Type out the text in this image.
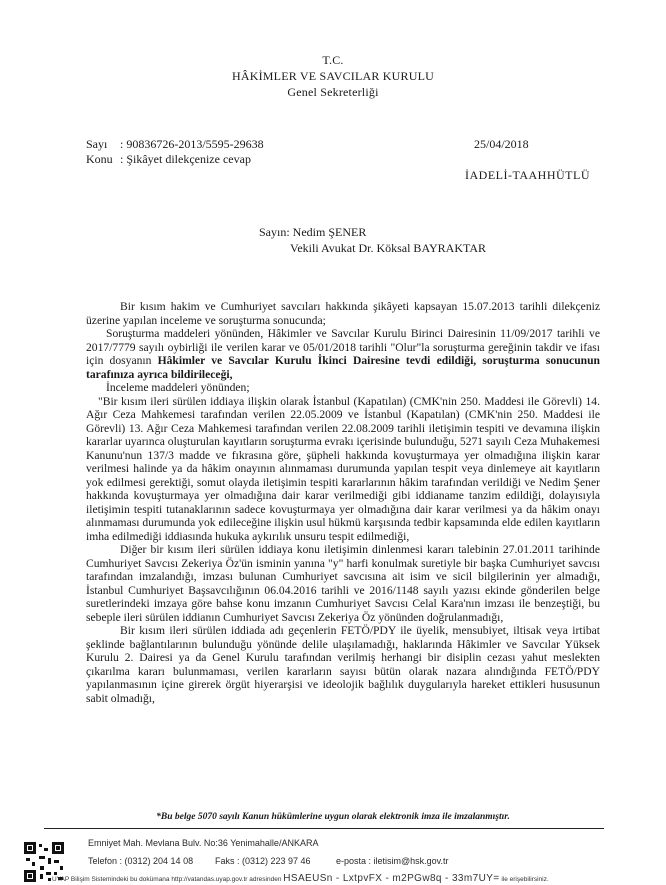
T.C.
HÂKİMLER VE SAVCILAR KURULU
Genel Sekreterliği
Sayı : 90836726-2013/5595-29638
Konu : Şikâyet dilekçenize cevap
25/04/2018
İADELİ-TAAHHÜTLÜ
Sayın: Nedim ŞENER
Vekili Avukat Dr. Köksal BAYRAKTAR

Bir kısım hakim ve Cumhuriyet savcıları hakkında şikâyeti kapsayan 15.07.2013 tarihli dilekçeniz üzerine yapılan inceleme ve soruşturma sonucunda;

Soruşturma maddeleri yönünden, Hâkimler ve Savcılar Kurulu Birinci Dairesinin 11/09/2017 tarihli ve 2017/7779 sayılı oybirliği ile verilen karar ve 05/01/2018 tarihli "Olur"la soruşturma gereğinin takdir ve ifası için dosyanın Hâkimler ve Savcılar Kurulu İkinci Dairesine tevdi edildiği, soruşturma sonucunun tarafınıza ayrıca bildirileceği,

İnceleme maddeleri yönünden;

"Bir kısım ileri sürülen iddiaya ilişkin olarak İstanbul (Kapatılan) (CMK'nin 250. Maddesi ile Görevli) 14. Ağır Ceza Mahkemesi tarafından verilen 22.05.2009 ve İstanbul (Kapatılan) (CMK'nin 250. Maddesi ile Görevli) 13. Ağır Ceza Mahkemesi tarafından verilen 22.08.2009 tarihli iletişimin tespiti ve devamına ilişkin kararlar uyarınca oluşturulan kayıtların soruşturma evrakı içerisinde bulunduğu, 5271 sayılı Ceza Muhakemesi Kanunu'nun 137/3 madde ve fıkrasına göre, şüpheli hakkında kovuşturmaya yer olmadığına ilişkin karar verilmesi halinde ya da hâkim onayının alınmaması durumunda yapılan tespit veya dinlemeye ait kayıtların yok edilmesi gerektiği, somut olayda iletişimin tespiti kararlarının hâkim tarafından verildiği ve Nedim Şener hakkında kovuşturmaya yer olmadığına dair karar verilmediği gibi iddianame tanzim edildiği, dolayısıyla iletişimin tespiti tutanaklarının sadece kovuşturmaya yer olmadığına dair karar verilmesi ya da hâkim onayı alınmaması durumunda yok edileceğine ilişkin usul hükmü karşısında tedbir kapsamında elde edilen kayıtların imha edilmediği iddiasında hukuka aykırılık unsuru tespit edilmediği,

Diğer bir kısım ileri sürülen iddiaya konu iletişimin dinlenmesi kararı talebinin 27.01.2011 tarihinde Cumhuriyet Savcısı Zekeriya Öz'ün isminin yanına "y" harfi konulmak suretiyle bir başka Cumhuriyet savcısı tarafından imzalandığı, imzası bulunan Cumhuriyet savcısına ait isim ve sicil bilgilerinin yer almadığı, İstanbul Cumhuriyet Başsavcılığının 06.04.2016 tarihli ve 2016/1148 sayılı yazısı ekinde gönderilen belge suretlerindeki imzaya göre bahse konu imzanın Cumhuriyet Savcısı Celal Kara'nın imzası ile benzeştiği, bu sebeple ileri sürülen iddianın Cumhuriyet Savcısı Zekeriya Öz yönünden doğrulanmadığı,

Bir kısım ileri sürülen iddiada adı geçenlerin FETÖ/PDY ile üyelik, mensubiyet, iltisak veya irtibat şeklinde bağlantılarının bulunduğu yönünde delile ulaşılamadığı, haklarında Hâkimler ve Savcılar Yüksek Kurulu 2. Dairesi ya da Genel Kurulu tarafından verilmiş herhangi bir disiplin cezası yahut meslekten çıkarılma kararı bulunmaması, verilen kararların sayısı bütün olarak nazara alındığında FETÖ/PDY yapılanmasının içine girerek örgüt hiyerarşisi ve ideolojik bağlılık duygularıyla hareket ettikleri hususunun sabit olmadığı,

*Bu belge 5070 sayılı Kanun hükümlerine uygun olarak elektronik imza ile imzalanmıştır.
Emniyet Mah. Mevlana Bulv. No:36 Yenimahalle/ANKARA
Telefon : (0312) 204 14 08 Faks : (0312) 223 97 46	e-posta : iletisim@hsk.gov.tr
UYAP Bilişim Sistemindeki bu dokümana http://vatandas.uyap.gov.tr adresinden HSAEUSn - LxtpvFX - m2PGw8q - 33m7UY= ile erişebilirsiniz.
